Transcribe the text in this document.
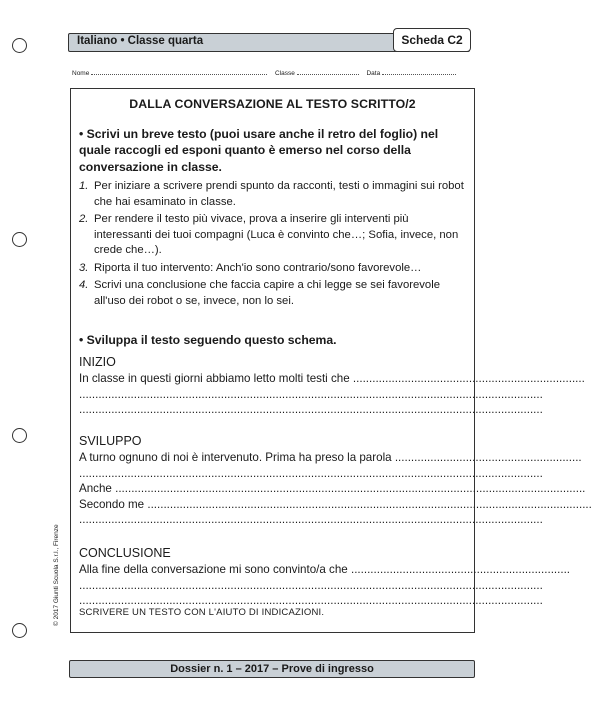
Italiano • Classe quarta	Scheda C2
Nome	Classe	Data
DALLA CONVERSAZIONE AL TESTO SCRITTO/2
• Scrivi un breve testo (puoi usare anche il retro del foglio) nel quale raccogli ed esponi quanto è emerso nel corso della conversazione in classe.
1. Per iniziare a scrivere prendi spunto da racconti, testi o immagini sui robot che hai esaminato in classe.
2. Per rendere il testo più vivace, prova a inserire gli interventi più interessanti dei tuoi compagni (Luca è convinto che…; Sofia, invece, non crede che…).
3. Riporta il tuo intervento: Anch'io sono contrario/sono favorevole…
4. Scrivi una conclusione che faccia capire a chi legge se sei favorevole all'uso dei robot o se, invece, non lo sei.
• Sviluppa il testo seguendo questo schema.
INIZIO
In classe in questi giorni abbiamo letto molti testi che ........................................................................
................................................................................................................................................
................................................................................................................................................
SVILUPPO
A turno ognuno di noi è intervenuto. Prima ha preso la parola ..........................................................
................................................................................................................................................
Anche ..................................................................................................................................................
Secondo me ..........................................................................................................................................
................................................................................................................................................
CONCLUSIONE
Alla fine della conversazione mi sono convinto/a che ....................................................................
................................................................................................................................................
................................................................................................................................................
SCRIVERE UN TESTO CON L'AIUTO DI INDICAZIONI.
© 2017 Giunti Scuola S.r.l., Firenze
Dossier n. 1 – 2017 – Prove di ingresso
